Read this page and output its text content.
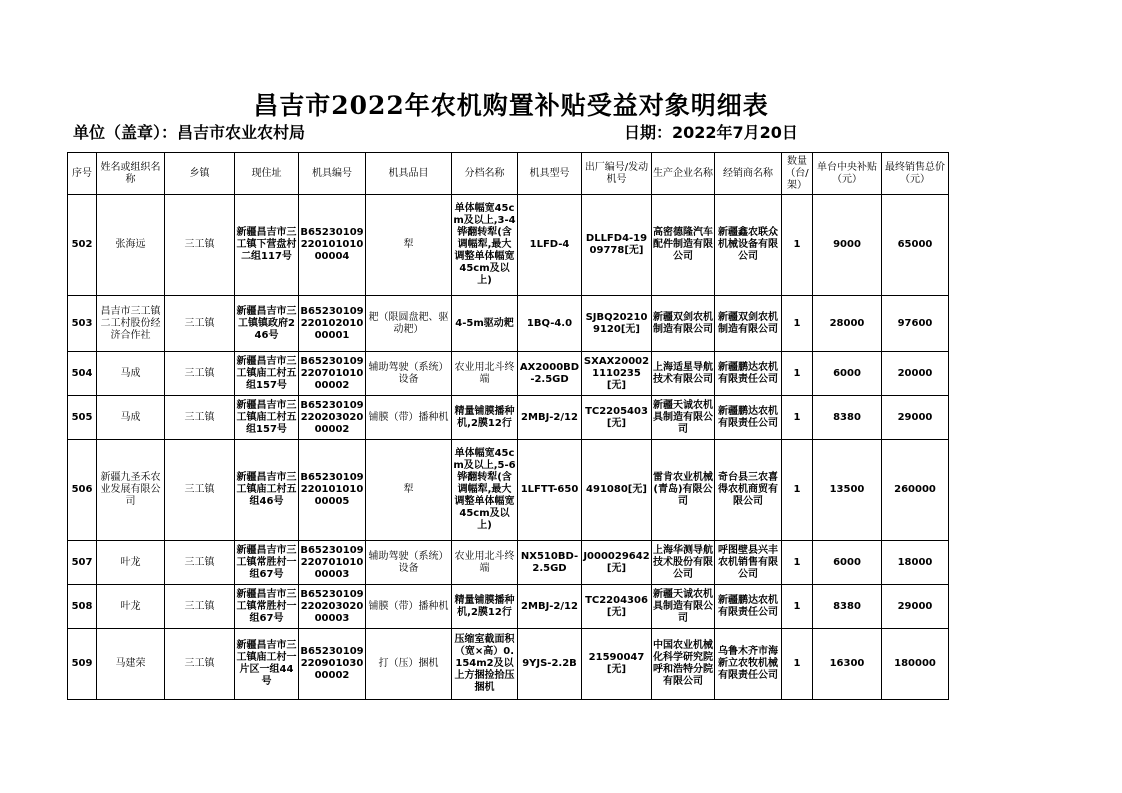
昌吉市2022年农机购置补贴受益对象明细表
单位（盖章）：昌吉市农业农村局	日期：2022年7月20日
序号	姓名或组织名称	乡镇	现住址	机具编号	机具品目	分档名称	机具型号	出厂编号/发动机号	生产企业名称	经销商名称	数量（台/架）	单台中央补贴（元）	最终销售总价（元）
502	张海远	三工镇	新疆昌吉市三工镇下营盘村二组117号	B6523010922010101000004	犁	单体幅宽45cm及以上,3-4铧翻转犁(含调幅犁,最大调整单体幅宽45cm及以上)	1LFD-4	DLLFD4-1909778[无]	高密德隆汽车配件制造有限公司	新疆鑫农联众机械设备有限公司	1	9000	65000
503	昌吉市三工镇二工村股份经济合作社	三工镇	新疆昌吉市三工镇镇政府246号	B6523010922010201000001	耙（限圆盘耙、驱动耙）	4-5m驱动耙	1BQ-4.0	SJBQ202109120[无]	新疆双剑农机制造有限公司	新疆双剑农机制造有限公司	1	28000	97600
504	马成	三工镇	新疆昌吉市三工镇庙工村五组157号	B6523010922070101000002	辅助驾驶（系统）设备	农业用北斗终端	AX2000BD-2.5GD	SXAX200021110235[无]	上海适星导航技术有限公司	新疆鹏达农机有限责任公司	1	6000	20000
505	马成	三工镇	新疆昌吉市三工镇庙工村五组157号	B6523010922020302000002	铺膜（带）播种机	精量铺膜播种机,2膜12行	2MBJ-2/12	TC2205403[无]	新疆天诚农机具制造有限公司	新疆鹏达农机有限责任公司	1	8380	29000
506	新疆九圣禾农业发展有限公司	三工镇	新疆昌吉市三工镇庙工村五组46号	B6523010922010101000005	犁	单体幅宽45cm及以上,5-6铧翻转犁(含调幅犁,最大调整单体幅宽45cm及以上)	1LFTT-650	491080[无]	雷肯农业机械(青岛)有限公司	奇台县三农喜得农机商贸有限公司	1	13500	260000
507	叶龙	三工镇	新疆昌吉市三工镇常胜村一组67号	B6523010922070101000003	辅助驾驶（系统）设备	农业用北斗终端	NX510BD-2.5GD	J000029642[无]	上海华测导航技术股份有限公司	呼图壁县兴丰农机销售有限公司	1	6000	18000
508	叶龙	三工镇	新疆昌吉市三工镇常胜村一组67号	B6523010922020302000003	铺膜（带）播种机	精量铺膜播种机,2膜12行	2MBJ-2/12	TC2204306[无]	新疆天诚农机具制造有限公司	新疆鹏达农机有限责任公司	1	8380	29000
509	马建荣	三工镇	新疆昌吉市三工镇庙工村一片区一组44号	B6523010922090103000002	打（压）捆机	压缩室截面积（宽×高）0.154m2及以上方捆捡拾压捆机	9YJS-2.2B	21590047[无]	中国农业机械化科学研究院呼和浩特分院有限公司	乌鲁木齐市海新立农牧机械有限责任公司	1	16300	180000
